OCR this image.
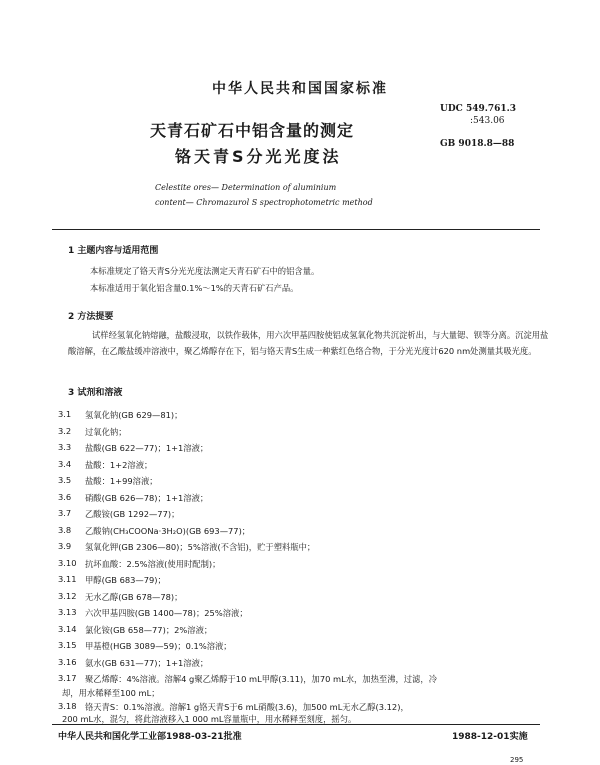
中华人民共和国国家标准
天青石矿石中铝含量的测定
铬天青S分光光度法
UDC 549.761.3
:543.06
GB 9018.8—88
Celestite ores— Determination of aluminium
content— Chromazurol S spectrophotometric method
1 主题内容与适用范围
本标准规定了铬天青S分光光度法测定天青石矿石中的铝含量。
本标准适用于氧化铝含量0.1%～1%的天青石矿石产品。
2 方法提要
试样经氢氧化钠熔融，盐酸浸取，以铁作载体，用六次甲基四胺使铝成氢氧化物共沉淀析出，与大量锶、钡等分离。沉淀用盐酸溶解，在乙酸盐缓冲溶液中，聚乙烯醇存在下，铝与铬天青S生成一种紫红色络合物，于分光光度计620 nm处测量其吸光度。
3 试剂和溶液
3.1 氢氧化钠(GB 629—81)；
3.2 过氧化钠；
3.3 盐酸(GB 622—77)；1+1溶液；
3.4 盐酸：1+2溶液；
3.5 盐酸：1+99溶液；
3.6 硝酸(GB 626—78)；1+1溶液；
3.7 乙酸铵(GB 1292—77)；
3.8 乙酸钠(CH₃COONa·3H₂O)(GB 693—77)；
3.9 氢氧化钾(GB 2306—80)；5%溶液(不含铝)，贮于塑料瓶中；
3.10 抗坏血酸：2.5%溶液(使用时配制)；
3.11 甲醇(GB 683—79)；
3.12 无水乙醇(GB 678—78)；
3.13 六次甲基四胺(GB 1400—78)；25%溶液；
3.14 氯化铵(GB 658—77)；2%溶液；
3.15 甲基橙(HGB 3089—59)；0.1%溶液；
3.16 氨水(GB 631—77)；1+1溶液；
3.17 聚乙烯醇：4%溶液。溶解4 g聚乙烯醇于10 mL甲醇(3.11)，加70 mL水，加热至沸，过滤，冷
却，用水稀释至100 mL；
中华人民共和国化学工业部1988-03-21批准	1988-12-01实施
3.18 铬天青S：0.1%溶液。溶解1 g铬天青S于6 mL硝酸(3.6)，加500 mL无水乙醇(3.12)，
200 mL水，混匀，将此溶液移入1 000 mL容量瓶中，用水稀释至刻度，摇匀。
295
